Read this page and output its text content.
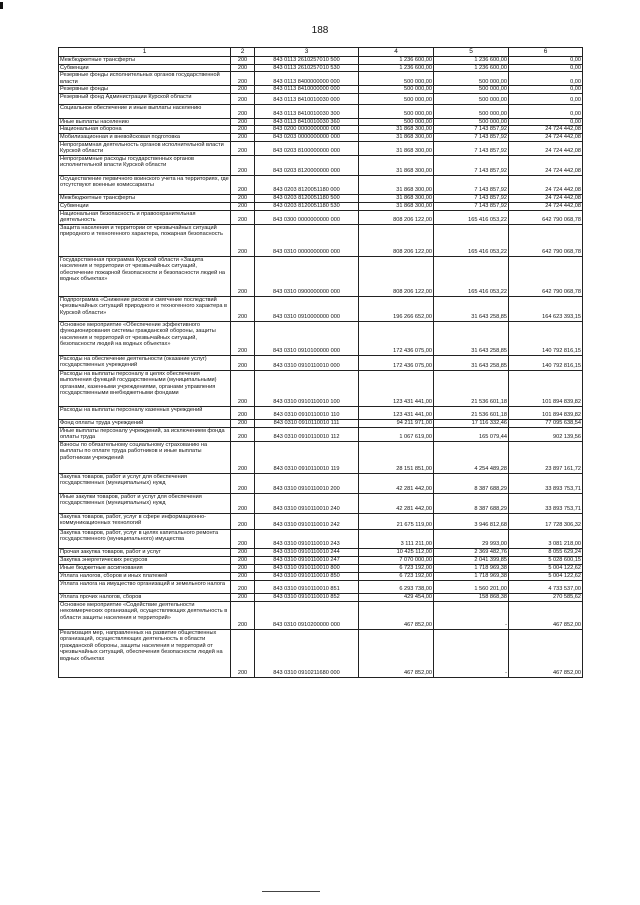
188
1	2	3	4	5	6
Межбюджетные трансферты	200	843 0113 2610257010 500	1 236 600,00	1 236 600,00	0,00
Субвенции	200	843 0113 2610257010 530	1 236 600,00	1 236 600,00	0,00
Резервные фонды исполнительных органов государственной власти	200	843 0113 8400000000 000	500 000,00	500 000,00	0,00
Резервные фонды	200	843 0113 8410000000 000	500 000,00	500 000,00	0,00
Резервный фонд Администрации Курской области	200	843 0113 8410010030 000	500 000,00	500 000,00	0,00
Социальное обеспечение и иные выплаты населению	200	843 0113 8410010030 300	500 000,00	500 000,00	0,00
Иные выплаты населению	200	843 0113 8410010030 360	500 000,00	500 000,00	0,00
Национальная оборона	200	843 0200 0000000000 000	31 868 300,00	7 143 857,92	24 724 442,08
Мобилизационная и вневойсковая подготовка	200	843 0203 0000000000 000	31 868 300,00	7 143 857,92	24 724 442,08
Непрограммная деятельность органов исполнительной власти Курской области	200	843 0203 8100000000 000	31 868 300,00	7 143 857,92	24 724 442,08
Непрограммные расходы государственных органов исполнительной власти Курской области	200	843 0203 8120000000 000	31 868 300,00	7 143 857,92	24 724 442,08
Осуществление первичного воинского учета на территориях, где отсутствуют военные комиссариаты	200	843 0203 8120051180 000	31 868 300,00	7 143 857,92	24 724 442,08
Межбюджетные трансферты	200	843 0203 8120051180 500	31 868 300,00	7 143 857,92	24 724 442,08
Субвенции	200	843 0203 8120051180 530	31 868 300,00	7 143 857,92	24 724 442,08
Национальная безопасность и правоохранительная деятельность	200	843 0300 0000000000 000	808 206 122,00	165 416 053,22	642 790 068,78
Защита населения и территории от чрезвычайных ситуаций природного и техногенного характера, пожарная безопасность	200	843 0310 0000000000 000	808 206 122,00	165 416 053,22	642 790 068,78
Государственная программа Курской области «Защита населения и территории от чрезвычайных ситуаций, обеспечение пожарной безопасности и безопасности людей на водных объектах»	200	843 0310 0900000000 000	808 206 122,00	165 416 053,22	642 790 068,78
Подпрограмма «Снижение рисков и смягчение последствий чрезвычайных ситуаций природного и техногенного характера в Курской области»	200	843 0310 0910000000 000	196 266 652,00	31 643 258,85	164 623 393,15
Основное мероприятие «Обеспечение эффективного функционирования системы гражданской обороны, защиты населения и территорий от чрезвычайных ситуаций, безопасности людей на водных объектах»	200	843 0310 0910100000 000	172 436 075,00	31 643 258,85	140 792 816,15
Расходы на обеспечение деятельности (оказание услуг) государственных учреждений	200	843 0310 0910110010 000	172 436 075,00	31 643 258,85	140 792 816,15
Расходы на выплаты персоналу в целях обеспечения выполнения функций государственными (муниципальными) органами, казенными учреждениями, органами управления государственными внебюджетными фондами	200	843 0310 0910110010 100	123 431 441,00	21 536 601,18	101 894 839,82
Расходы на выплаты персоналу казенных учреждений	200	843 0310 0910110010 110	123 431 441,00	21 536 601,18	101 894 839,82
Фонд оплаты труда учреждений	200	843 0310 0910110010 111	94 211 971,00	17 116 332,46	77 095 638,54
Иные выплаты персоналу учреждений, за исключением фонда оплаты труда	200	843 0310 0910110010 112	1 067 619,00	165 079,44	902 139,56
Взносы по обязательному социальному страхованию на выплаты по оплате труда работников и иные выплаты работникам учреждений	200	843 0310 0910110010 119	28 151 851,00	4 254 489,28	23 897 161,72
Закупка товаров, работ и услуг для обеспечения государственных (муниципальных) нужд	200	843 0310 0910110010 200	42 281 442,00	8 387 688,29	33 893 753,71
Иные закупки товаров, работ и услуг для обеспечения государственных (муниципальных) нужд	200	843 0310 0910110010 240	42 281 442,00	8 387 688,29	33 893 753,71
Закупка товаров, работ, услуг в сфере информационно-коммуникационных технологий	200	843 0310 0910110010 242	21 675 119,00	3 946 812,68	17 728 306,32
Закупка товаров, работ, услуг в целях капитального ремонта государственного (муниципального) имущества	200	843 0310 0910110010 243	3 111 211,00	29 993,00	3 081 218,00
Прочая закупка товаров, работ и услуг	200	843 0310 0910110010 244	10 425 112,00	2 369 482,76	8 055 629,24
Закупка энергетических ресурсов	200	843 0310 0910110010 247	7 070 000,00	2 041 399,85	5 028 600,15
Иные бюджетные ассигнования	200	843 0310 0910110010 800	6 723 192,00	1 718 969,38	5 004 122,62
Уплата налогов, сборов и иных платежей	200	843 0310 0910110010 850	6 723 192,00	1 718 969,38	5 004 122,62
Уплата налога на имущество организаций и земельного налога	200	843 0310 0910110010 851	6 293 738,00	1 560 201,00	4 733 537,00
Уплата прочих налогов, сборов	200	843 0310 0910110010 852	429 454,00	158 868,38	270 585,62
Основное мероприятие «Содействие деятельности некоммерческих организаций, осуществляющих деятельность в области защиты населения и территорий»	200	843 0310 0910200000 000	467 852,00	-	467 852,00
Реализация мер, направленных на развитие общественных организаций, осуществляющих деятельность в области гражданской обороны, защиты населения и территорий от чрезвычайных ситуаций, обеспечения безопасности людей на водных объектах	200	843 0310 0910211680 000	467 852,00	-	467 852,00
